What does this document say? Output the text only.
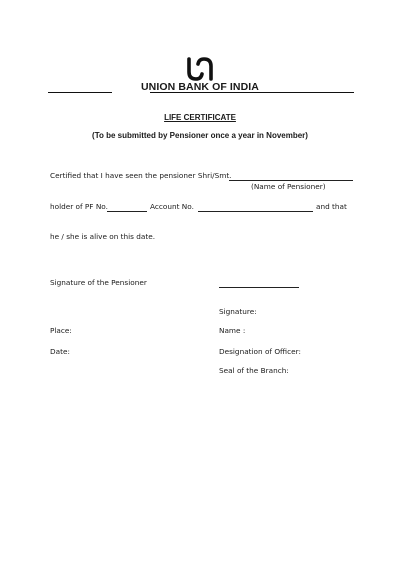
UNION BANK OF INDIA
LIFE CERTIFICATE
(To be submitted by Pensioner once a year in November)
Certified that I have seen the pensioner Shri/Smt.
(Name of Pensioner)
holder of PF No.	Account No.	and that
he / she is alive on this date.
Signature of the Pensioner
Signature:
Place:	Name :
Date:	Designation of Officer:
Seal of the Branch:
